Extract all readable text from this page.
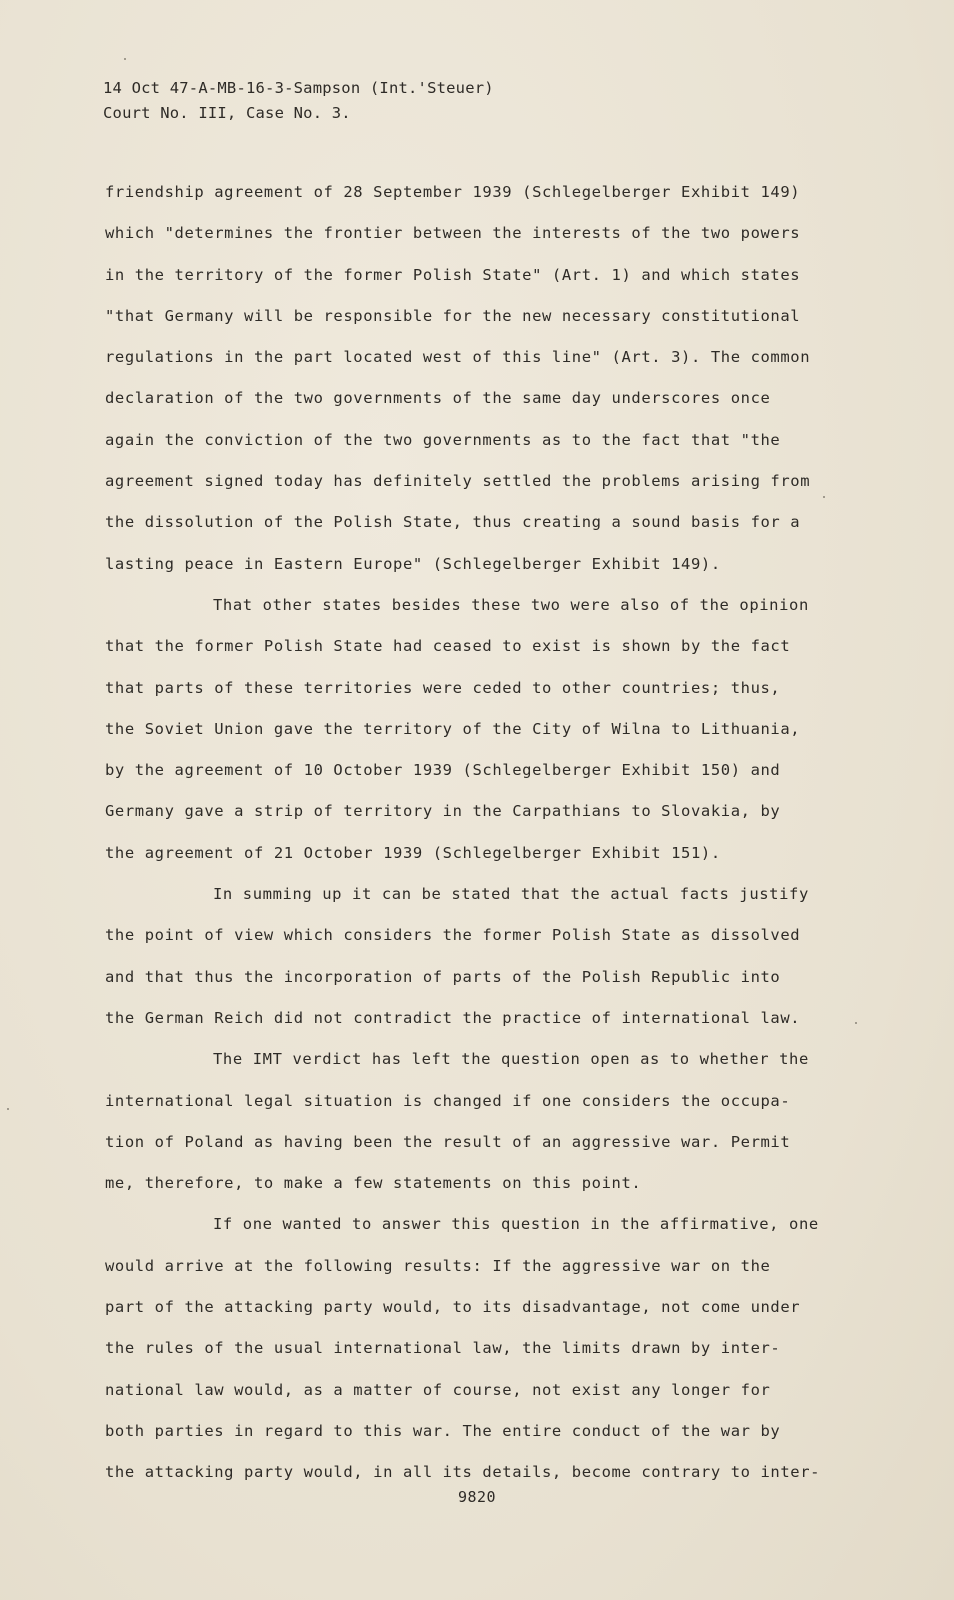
14 Oct 47-A-MB-16-3-Sampson (Int.'Steuer)
Court No. III, Case No. 3.
friendship agreement of 28 September 1939 (Schlegelberger Exhibit 149)
which "determines the frontier between the interests of the two powers
in the territory of the former Polish State" (Art. 1) and which states
"that Germany will be responsible for the new necessary constitutional
regulations in the part located west of this line" (Art. 3). The common
declaration of the two governments of the same day underscores once
again the conviction of the two governments as to the fact that "the
agreement signed today has definitely settled the problems arising from
the dissolution of the Polish State, thus creating a sound basis for a
lasting peace in Eastern Europe" (Schlegelberger Exhibit 149).
That other states besides these two were also of the opinion
that the former Polish State had ceased to exist is shown by the fact
that parts of these territories were ceded to other countries; thus,
the Soviet Union gave the territory of the City of Wilna to Lithuania,
by the agreement of 10 October 1939 (Schlegelberger Exhibit 150) and
Germany gave a strip of territory in the Carpathians to Slovakia, by
the agreement of 21 October 1939 (Schlegelberger Exhibit 151).
In summing up it can be stated that the actual facts justify
the point of view which considers the former Polish State as dissolved
and that thus the incorporation of parts of the Polish Republic into
the German Reich did not contradict the practice of international law.
The IMT verdict has left the question open as to whether the
international legal situation is changed if one considers the occupa-
tion of Poland as having been the result of an aggressive war. Permit
me, therefore, to make a few statements on this point.
If one wanted to answer this question in the affirmative, one
would arrive at the following results: If the aggressive war on the
part of the attacking party would, to its disadvantage, not come under
the rules of the usual international law, the limits drawn by inter-
national law would, as a matter of course, not exist any longer for
both parties in regard to this war. The entire conduct of the war by
the attacking party would, in all its details, become contrary to inter-
9820
